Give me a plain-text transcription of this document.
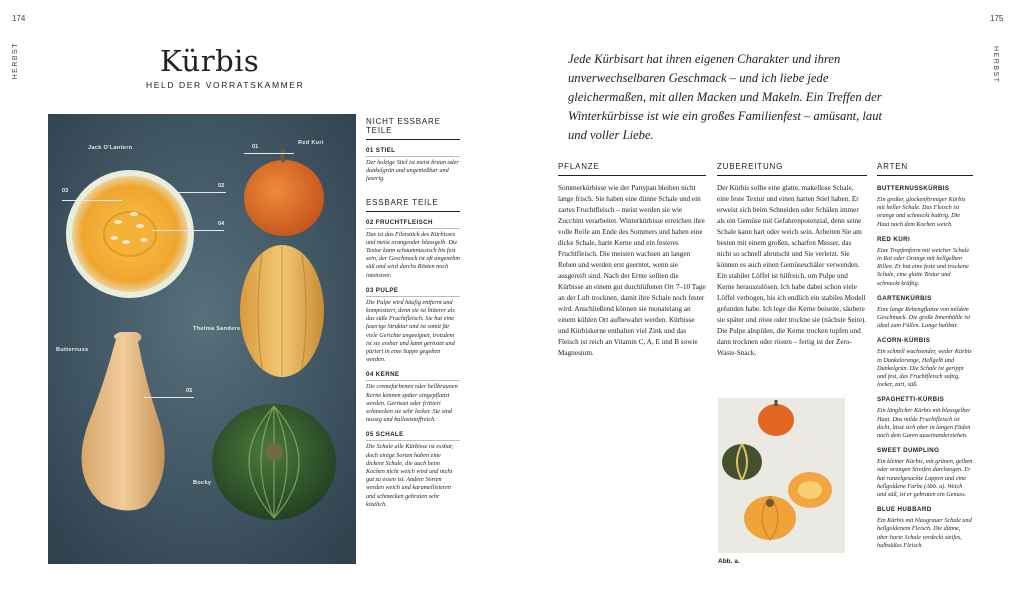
174
HERBST	Kürbis
HELD DER VORRATSKAMMER
Jack O'Lantern
Red Kuri
Thelma Sanders
Butternuss
Bocky
01
02
03
04
05
NICHT ESSBARE TEILE
01 STIEL
Der holzige Stiel ist meist braun oder dunkelgrün und ungenießbar und faserig.
ESSBARE TEILE
02 FRUCHTFLEISCH
Das ist das Filetstück des Kürbisses und meist orangeoder blassgelb. Die Textur kann schaumnussisch bis fest sein, der Geschmack ist oft angenehm süß und wird durchs Rösten noch intensiver.
03 PULPE
Die Pulpe wird häufig entfernt und kompostiert, denn sie ist bitterer als das süße Fruchtfleisch. Sie hat eine faserige Struktur und ist somit für viele Gerichte ungeeignet, trotzdem ist sie essbar und kann geröstet und püriert in eine Suppe gegeben werden.
04 KERNE
Die cremefarbenen oder hellbraunen Kerne können später eingepflanzt werden. Geröstet oder frittiert schmecken sie sehr lecker. Sie sind nussig und ballaststoffreich.
05 SCHALE
Die Schale alle Kürbisse ist essbar, doch einige Sorten haben eine dickere Schale, die auch beim Kochen nicht weich wird und nicht gut zu essen ist. Andere Sorten werden weich und karamellisieren und schmecken gebraten sehr köstlich.
175
HERBST
Jede Kürbisart hat ihren eigenen Charakter und ihren unverwechselbaren Geschmack – und ich liebe jede gleichermaßen, mit allen Macken und Makeln. Ein Treffen der Winterkürbisse ist wie ein großes Familienfest – amüsant, laut und voller Liebe.
PFLANZE
Sommerkürbisse wie der Pattypan bleiben nicht lange frisch. Sie haben eine dünne Schale und ein zartes Fruchtfleisch – meist werden sie wie Zucchini verarbeitet. Winterkürbisse erreichen ihre volle Reife am Ende des Sommers und haben eine dicke Schale, harte Kerne und ein festeres Fruchtfleisch. Die meisten wachsen an langen Reben und werden erst geerntet, wenn sie ausgereift sind. Nach der Ernte sollten die Kürbisse an einem gut durchlüfteten Ort 7–10 Tage an der Luft trocknen, damit ihre Schale noch fester wird. Anschließend können sie monatelang an einem kühlen Ort aufbewahrt werden. Kürbisse und Kürbiskerne enthalten viel Zink und das Fleisch ist reich an Vitamin C, A, E und B sowie Magnesium.
ZUBEREITUNG
Der Kürbis sollte eine glatte, makellose Schale, eine feste Textur und einen harten Stiel haben. Er erweist sich beim Schneiden oder Schälen immer als ein Gemüse mit Gefahrenpotenzial, denn seine Schale kann hart oder weich sein. Arbeiten Sie am besten mit einem großen, scharfen Messer, das nicht so schnell abrutscht und Sie verletzt. Sie können es auch einen Gemüseschäler verwenden. Ein stabiler Löffel ist hilfreich, um Pulpe und Kerne herauszulösen. Ich habe dabei schon viele Löffel verbogen, bis ich endlich ein stabiles Modell gefunden habe. Ich lege die Kerne beiseite, säubere sie später und röste oder trockne sie (nächste Seite). Die Pulpe abspülen, die Kerne trocken tupfen und dann trocknen oder rösten – fertig ist der Zero-Waste-Snack.
Abb. a.
ARTEN
BUTTERNUSSKÜRBIS
Ein großer, glockenförmiger Kürbis mit heller Schale. Das Fleisch ist orange und schmeckt buttrig. Die Haut nach dem Kochen weich.
RED KURI
Eine Tropfenform mit weicher Schale in Rot oder Orange mit hellgelben Rillen. Er hat eine feste und trockene Schale, eine glatte Textur und schmeckt kräftig.
GARTENKÜRBIS
Eine lange Rebengflanze von mildem Geschmack. Die große Innenhöhle ist ideal zum Füllen. Lange haltbar.
ACORN-KÜRBIS
Ein schnell wachsender, weder Kürbis in Dunkelorange, Hellgelb und Dunkelgrün. Die Schale ist gerippt und fest, das Fruchtfleisch saftig, locker, zart, süß.
SPAGHETTI-KÜRBIS
Ein länglicher Kürbis mit blassgelber Haut. Das milde Fruchtfleisch ist dicht, lässt sich aber in langen Fäden nach dem Garen auseinanderziehen.
SWEET DUMPLING
Ein kleiner Kürbis, mit grünen, gelben oder orangen Streifen durchzogen. Er hat runzelgesackte Lappen und eine hellgoldene Farbe (Abb. a). Weich und süß, ist er gebraten ein Genuss.
BLUE HUBBARD
Ein Kürbis mit blaugrauer Schale und hellgoldenem Fleisch. Die dünne, aber harte Schale verdeckt steifes, halbsüßes Fleisch.
